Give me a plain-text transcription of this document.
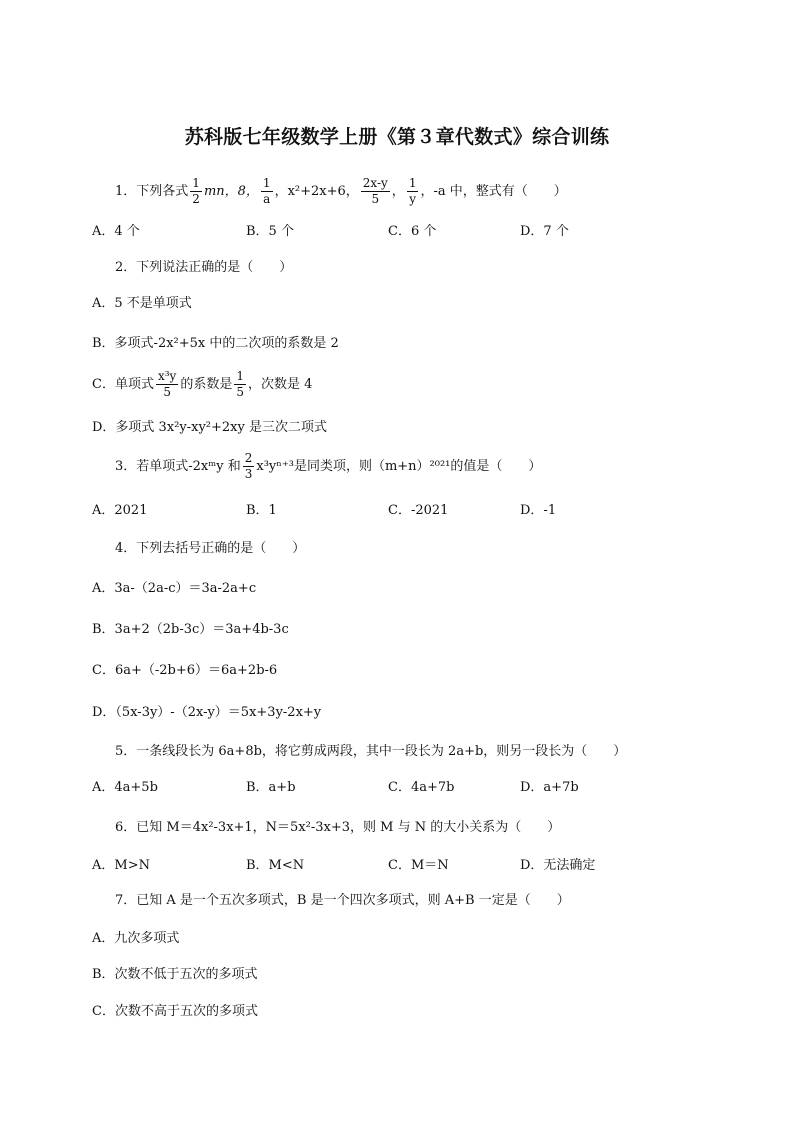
苏科版七年级数学上册《第３章代数式》综合训练
1．下列各式 $\frac{1}{2}$ mn，8， $\frac{1}{a}$ ，x²+2x+6， $\frac{2x-y}{5}$ ， $\frac{1}{y}$ ，-a 中，整式有（　　）
A．4 个	B．5 个	C．6 个	D．7 个
2．下列说法正确的是（　　）
A．5 不是单项式
B．多项式-2x²+5x 中的二次项的系数是 2
C．单项式 $\frac{\text{x³y}}{5}$ 的系数是 $\frac{1}{5}$ ，次数是 4
D．多项式 3x²y-xy²+2xy 是三次二项式
3．若单项式-2xᵐy 和 $\frac{2}{3} x^3y^{n+3}$是同类项，则（m+n）²⁰²¹的值是（　　）
A．2021	B．1	C．-2021	D．-1
4．下列去括号正确的是（　　）
A．3a-（2a-c）＝3a-2a+c
B．3a+2（2b-3c）＝3a+4b-3c
C．6a+（-2b+6）＝6a+2b-6
D．（5x-3y）-（2x-y）＝5x+3y-2x+y
5．一条线段长为 6a+8b，将它剪成两段，其中一段长为 2a+b，则另一段长为（　　）
A．4a+5b	B．a+b	C．4a+7b	D．a+7b
6．已知 M＝4x²-3x+1，N＝5x²-3x+3，则 M 与 N 的大小关系为（　　）
A．M>N	B．M<N	C．M＝N	D．无法确定
7．已知 A 是一个五次多项式，B 是一个四次多项式，则 A+B 一定是（　　）
A．九次多项式
B．次数不低于五次的多项式
C．次数不高于五次的多项式
